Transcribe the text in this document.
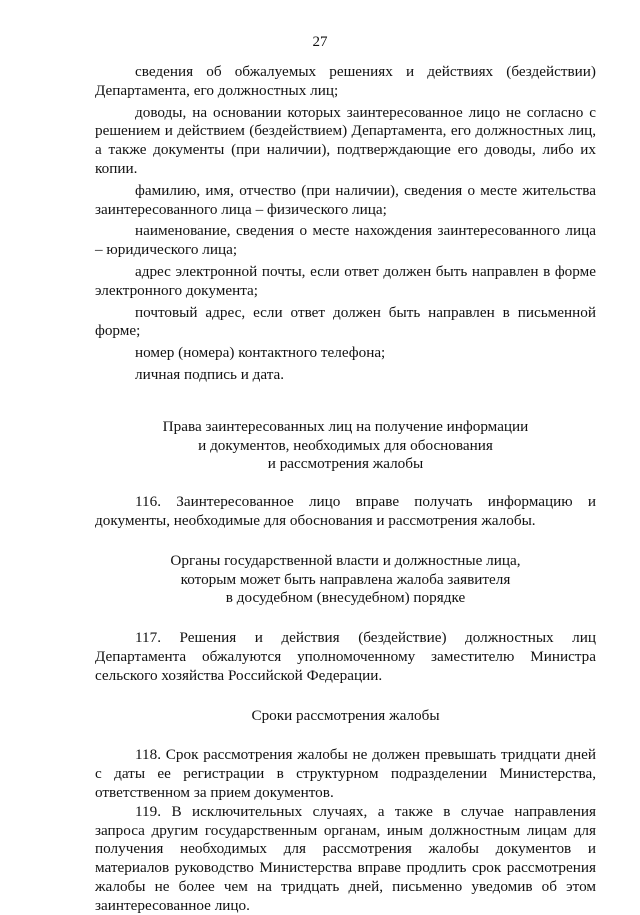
27

сведения об обжалуемых решениях и действиях (бездействии) Департамента, его должностных лиц;

доводы, на основании которых заинтересованное лицо не согласно с решением и действием (бездействием) Департамента, его должностных лиц, а также документы (при наличии), подтверждающие его доводы, либо их копии.

фамилию, имя, отчество (при наличии), сведения о месте жительства заинтересованного лица – физического лица;

наименование, сведения о месте нахождения заинтересованного лица – юридического лица;

адрес электронной почты, если ответ должен быть направлен в форме электронного документа;

почтовый адрес, если ответ должен быть направлен в письменной форме;

номер (номера) контактного телефона;

личная подпись и дата.

Права заинтересованных лиц на получение информации
и документов, необходимых для обоснования
и рассмотрения жалобы

116. Заинтересованное лицо вправе получать информацию и документы, необходимые для обоснования и рассмотрения жалобы.

Органы государственной власти и должностные лица,
которым может быть направлена жалоба заявителя
в досудебном (внесудебном) порядке

117. Решения и действия (бездействие) должностных лиц Департамента обжалуются уполномоченному заместителю Министра сельского хозяйства Российской Федерации.

Сроки рассмотрения жалобы

118. Срок рассмотрения жалобы не должен превышать тридцати дней с даты ее регистрации в структурном подразделении Министерства, ответственном за прием документов.

119. В исключительных случаях, а также в случае направления запроса другим государственным органам, иным должностным лицам для получения необходимых для рассмотрения жалобы документов и материалов руководство Министерства вправе продлить срок рассмотрения жалобы не более чем на тридцать дней, письменно уведомив об этом заинтересованное лицо.
